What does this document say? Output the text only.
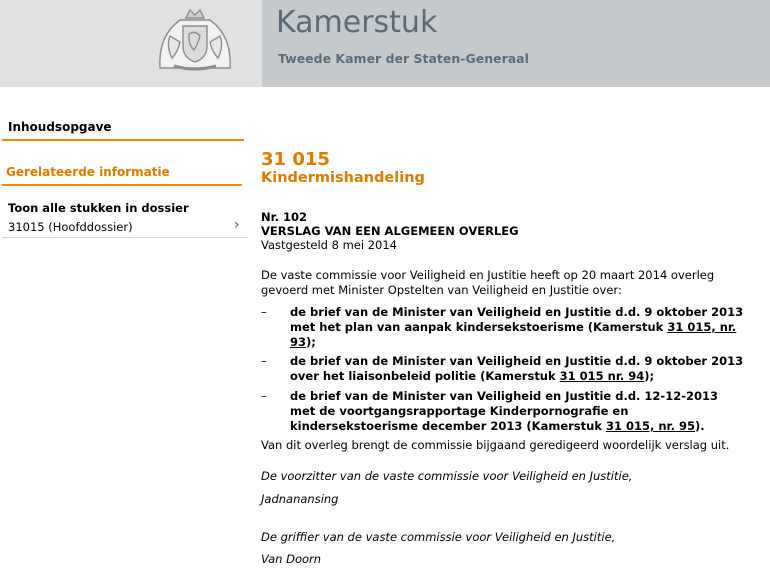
Kamerstuk
Tweede Kamer der Staten-Generaal
Inhoudsopgave
Gerelateerde informatie
Toon alle stukken in dossier
31015 (Hoofddossier)	›
31 015
Kindermishandeling
Nr. 102
VERSLAG VAN EEN ALGEMEEN OVERLEG
Vastgesteld 8 mei 2014
De vaste commissie voor Veiligheid en Justitie heeft op 20 maart 2014 overleg
gevoerd met Minister Opstelten van Veiligheid en Justitie over:
– de brief van de Minister van Veiligheid en Justitie d.d. 9 oktober 2013
met het plan van aanpak kindersekstoerisme (Kamerstuk 31 015, nr.
93);
– de brief van de Minister van Veiligheid en Justitie d.d. 9 oktober 2013
over het liaisonbeleid politie (Kamerstuk 31 015 nr. 94);
– de brief van de Minister van Veiligheid en Justitie d.d. 12-12-2013
met de voortgangsrapportage Kinderpornografie en
kindersekstoerisme december 2013 (Kamerstuk 31 015, nr. 95).
Van dit overleg brengt de commissie bijgaand geredigeerd woordelijk verslag uit.
De voorzitter van de vaste commissie voor Veiligheid en Justitie,
Jadnanansing
De griffier van de vaste commissie voor Veiligheid en Justitie,
Van Doorn
